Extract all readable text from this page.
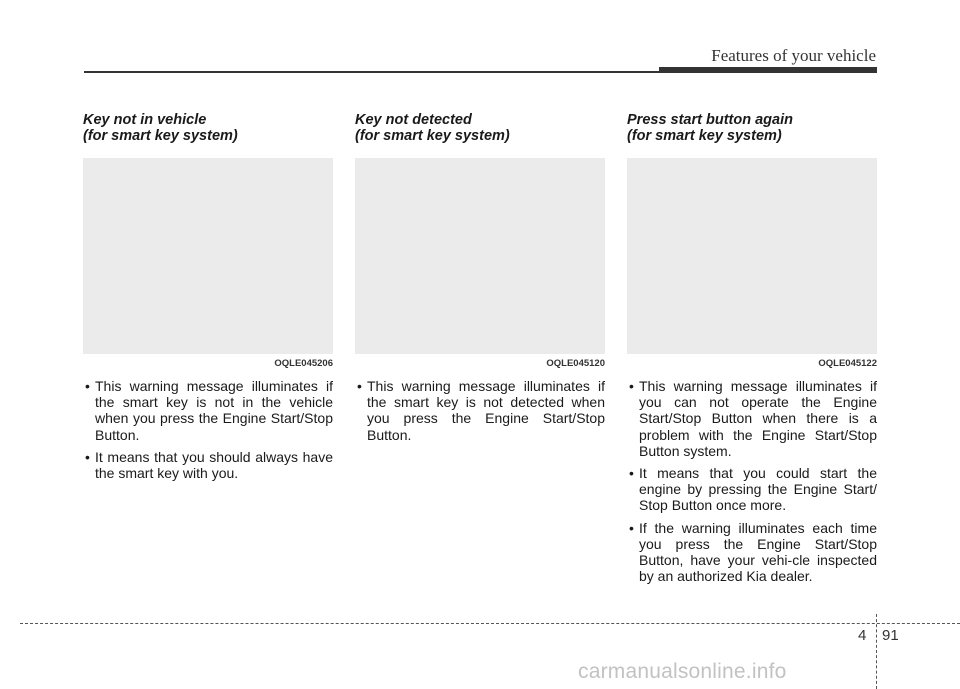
Features of your vehicle
Key not in vehicle
(for smart key system)
OQLE045206
• This warning message illuminates if the smart key is not in the vehicle when you press the Engine Start/Stop Button.
• It means that you should always have the smart key with you.
Key not detected
(for smart key system)
OQLE045120
• This warning message illuminates if the smart key is not detected when you press the Engine Start/Stop Button.
Press start button again
(for smart key system)
OQLE045122
• This warning message illuminates if you can not operate the Engine Start/Stop Button when there is a problem with the Engine Start/Stop Button system.
• It means that you could start the engine by pressing the Engine Start/ Stop Button once more.
• If the warning illuminates each time you press the Engine Start/Stop Button, have your vehi-cle inspected by an authorized Kia dealer.
4 91
carmanualsonline.info
